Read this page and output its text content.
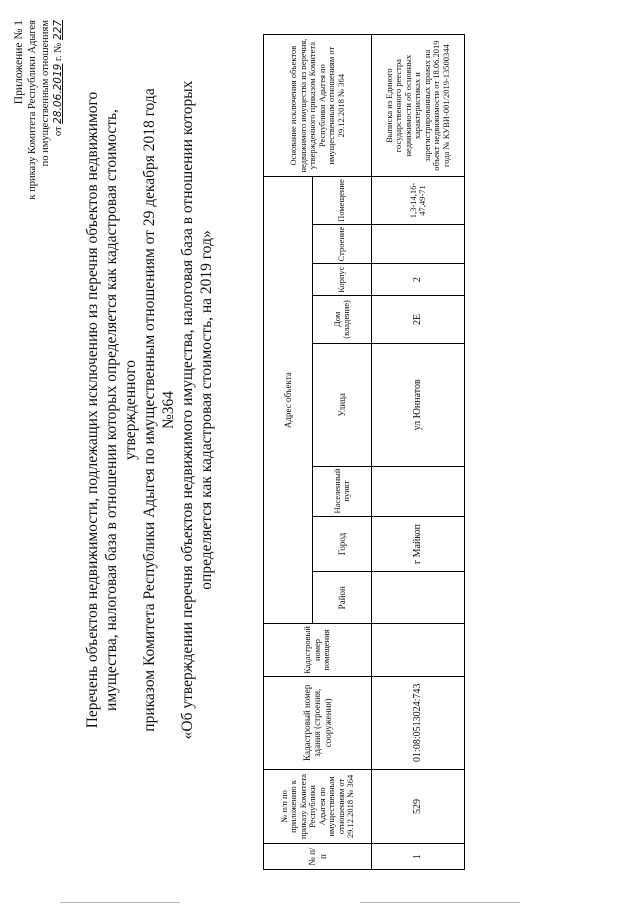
Приложение № 1 к приказу Комитета Республики Адыгея по имущественным отношениям от 28.06.2019 г. № 227
Перечень объектов недвижимости, подлежащих исключению из перечня объектов недвижимого имущества, налоговая база в отношении которых определяется как кадастровая стоимость, утвержденного приказом Комитета Республики Адыгея по имущественным отношениям от 29 декабря 2018 года №364 «Об утверждении перечня объектов недвижимого имущества, налоговая база в отношении которых определяется как кадастровая стоимость, на 2019 год»
№ п/п	№ п/п по приложению к приказу Комитета Республики Адыгея по имущественным отношениям от 29.12.2018 № 364	Кадастровый номер здания (строения, сооружения)	Кадастровый номер помещения	Адрес объекта								Основание исключения объектов недвижимого имущества из перечня, утвержденного приказом Комитета Республики Адыгея по имущественным отношениям от 29.12.2018 № 364
				Район	Город	Населенный пункт	Улица	Дом (владение)	Корпус	Строение	Помещение	
1	529	01:08:0513024:743			г Майкоп		ул Юннатов	2Е	2		1,3-14,16-47,49-71	Выписка из Единого государственного реестра недвижимости об основных характеристиках и зарегистрированных правах на объект недвижимости от 18.06.2019 года № КУВИ-001/2019-13500344
